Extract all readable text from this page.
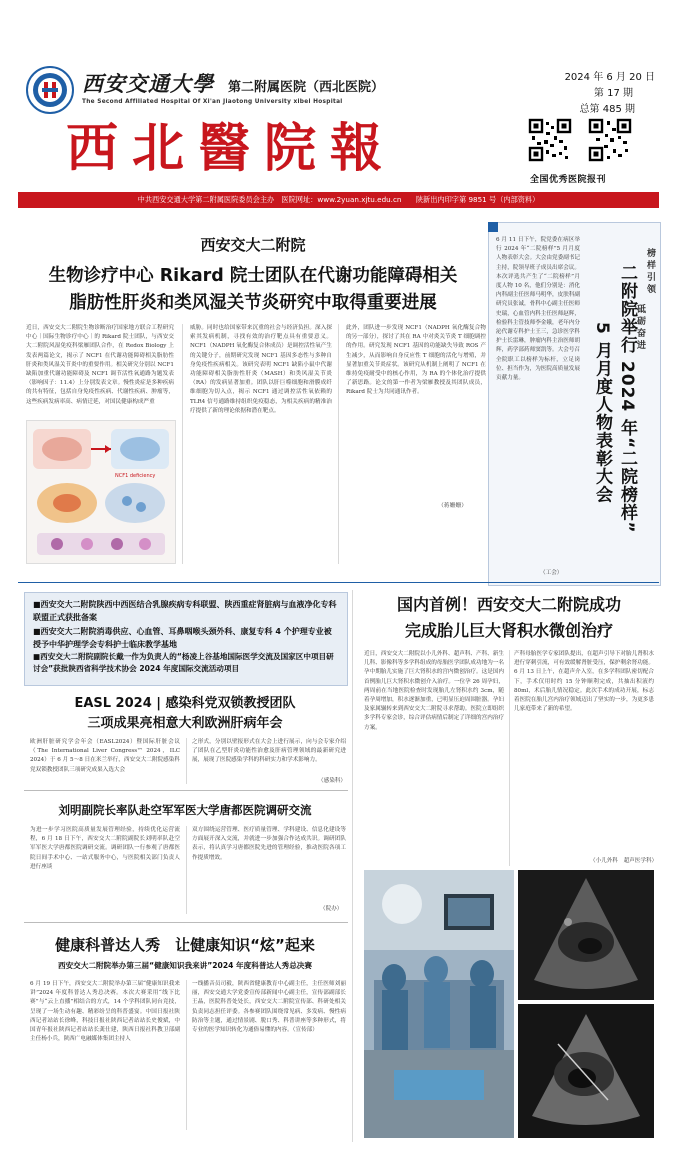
西安交通大學 第二附属医院（西北医院）
The Second Affiliated Hospital Of Xi'an Jiaotong University xibei Hospital
西北醫院報
2024 年 6 月 20 日
第 17 期
总第 485 期
全国优秀医院报刊
中共西安交通大学第二附属医院委员会主办　医院网址：www.2yuan.xjtu.edu.cn　　陕新出内印字第 9851 号（内部资料）
西安交大二附院
生物诊疗中心 Rikard 院士团队在代谢功能障碍相关
脂肪性肝炎和类风湿关节炎研究中取得重要进展
近日，西安交大二附院生物诊断治疗国家地方联合工程研究中心｜国际生物诊疗中心｜的 Rikard 院士团队，与西安交大二附院风湿免疫科梁雁团队合作，在 Redox Biology 上发表两篇论文，揭示了 NCF1 在代谢功能障碍相关脂肪性肝炎和类风湿关节炎中的重要作用。相关研究分别以 NCF1 缺陷加重代谢功能障碍及 NCF1 调节活性氧通路为题发表（影响因子：11.4）上分别发表文章。慢性炎症是多种疾病的共有特征，包括自身免疫性疾病、代谢性疾病、肿瘤等，这些疾病发病率高、病情迁延，对国民健康构成严重
NCF1 deficiency
威胁。同时也给国家带来沉重的社会与经济负担。深入探索其发病机制，寻找有效的治疗靶点具有重要意义。NCF1（NADPH 氧化酶复合体成员）是调控活性氧产生的关键分子，前期研究发现 NCF1 基因多态性与多种自身免疫性疾病相关。该研究表明 NCF1 缺陷小鼠中代谢功能障碍相关脂肪性肝炎（MASH）和类风湿关节炎（RA）的发病显著加重。团队以肝巨噬细胞和滑膜成纤维细胞为切入点，揭示 NCF1 通过调控活性氧依赖的 TLR4 信号通路维持组织免疫稳态，为相关疾病的精准治疗提供了新的理论依据和潜在靶点。
此外，团队进一步发现 NCF1（NADPH 氧化酶复合物的另一部分），探讨了其在 RA 中对炎关节炎 T 细胞调控的作用。研究发现 NCF1 基因的功能缺失导致 ROS 产生减少，从而影响自身反应性 T 细胞的活化与增殖，并显著加重关节炎症状。该研究从机制上阐明了 NCF1 在维持免疫耐受中的核心作用，为 RA 的个体化治疗提供了新思路。论文的第一作者为梁雁教授及其团队成员，Rikard 院士为共同通讯作者。
（蒋姗姗）
6 月 11 日下午，院党委在病区举行 2024 年“二院榜样”5 月月度人物表彰大会。大会由党委副书记主持，院领导班子成员出席会议。本次评选共产生了“二院榜样”月度人物 10 名，他们分别是：消化内科副主任医师马明华，皮肤科副研究员张诚，骨科中心副主任医师史瑞，心血管内科主任医师赵辉，检验科主管技师李金娥，老年内分泌代谢专科护士王三，急诊医学科护士长雷琳，肿瘤内科主治医师胡辉，药学部药师窦凯等。大会号召全院职工以榜样为标杆，立足岗位、担当作为，为医院高质量发展贡献力量。
（工会）
二附院举行 2024 年“二院榜样”
5 月月度人物表彰大会
榜样引领
砥砺奋进
■西安交大二附院陕西中西医结合乳腺疾病专科联盟、陕西重症肾脏病与血液净化专科联盟正式获批备案
■西安交大二附院消毒供应、心血管、耳鼻咽喉头颈外科、康复专科 4 个护理专业被授予中华护理学会专科护士临床教学基地
■西安交大二附院副院长戴一作为负责人的“杨凌上谷基地国际医学交流及国家区中项目研讨会”获批陕西省科学技术协会 2024 年度国际交流活动项目
EASL 2024 | 感染科党双锁教授团队
三项成果亮相意大利欧洲肝病年会
欧洲肝脏研究学会年会（EASL2024）暨国际肝脏会议（The International Liver Congress™ 2024，ILC 2024）于 6 月 5～8 日在米兰举行，西安交大二附院感染科党双锁教授团队三项研究成果入选大会
之形式，分别以壁报形式在大会上进行展示，向与会专家介绍了团队在乙型肝炎功能性治愈及肝病管理领域的最新研究进展，展现了医院感染学科的科研实力和学术影响力。
（感染科）
刘明副院长率队赴空军军医大学唐都医院调研交流
为进一步学习医院高质量发展管理经验，持续优化运营流程，6 月 18 日下午，西安交大二附院副院长刘明率队赴空军军医大学唐都医院调研交流。调研团队一行参观了唐都医院日间手术中心、一站式服务中心，与医院相关部门负责人进行座谈
双方围绕运营管理、医疗质量管理、学科建设、信息化建设等方面展开深入交流，并就进一步加强合作达成共识。调研团队表示，将认真学习唐都医院先进的管理经验，推动医院各项工作提质增效。
（院办）
健康科普达人秀　让健康知识“炫”起来
西安交大二附院举办第三届“健康知识我来讲”2024 年度科普达人秀总决赛
6 月 19 日下午，西安交大二附院举办第三届“健康知识我来讲”2024 年度科普达人秀总决赛。本次大赛采用“线下比赛”与“云上直播”相结合的方式，14 个学科团队同台竞技，呈现了一场生动有趣、精彩纷呈的科普盛宴。中国日报社陕西记者站站长徐峰，科技日报社陕西记者站站长史俊斌，中国青年报社陕西记者站站长龚仕建，陕西日报社科教卫部副主任杨小兵，陕西广电融媒体集团主持人
一线播音员司毅，陕西省健康教育中心副主任，主任医师刘丽丽，西安交通大学党委宣传部新闻中心副主任，宣传部副部长王晶，医院科普处处长，西安交大二附院宣传部、科研处相关负责同志担任评委。各参赛团队围绕常见病、多发病、慢性病防治等主题，通过情景剧、脱口秀、科普讲座等多种形式，将专业的医学知识转化为通俗易懂的内容。（宣传部）
国内首例！西安交大二附院成功
完成胎儿巨大肾积水微创治疗
近日，西安交大二附院以小儿外科、超声科、产科、新生儿科、影像科等多学科组成的母胎医学团队成功地为一名孕中期胎儿实施了巨大肾积水的宫内微创治疗。这是国内首例胎儿巨大肾积水微创介入治疗。一位孕 26 周孕妇，两周前在当地医院检查时发现胎儿左肾积水约 3cm，随着孕周增加，积水逐渐加重，已明显压迫周围脏器。孕妇及家属辗转来到西安交大二附院寻求帮助。医院立即组织多学科专家会诊，综合评估病情后制定了详细的宫内治疗方案。
产科母胎医学专家团队提出，在超声引导下对胎儿肾积水进行穿刺引流，可有效缓解肾脏受压，保护剩余肾功能。6 月 13 日上午，在超声介入室，在多学科团队密切配合下，手术仅用时约 15 分钟顺利完成，共抽出积液约 80ml，术后胎儿情况稳定。此次手术的成功开展，标志着医院在胎儿宫内治疗领域迈出了坚实的一步，为更多患儿家庭带来了新的希望。
（小儿外科　超声医学科）
